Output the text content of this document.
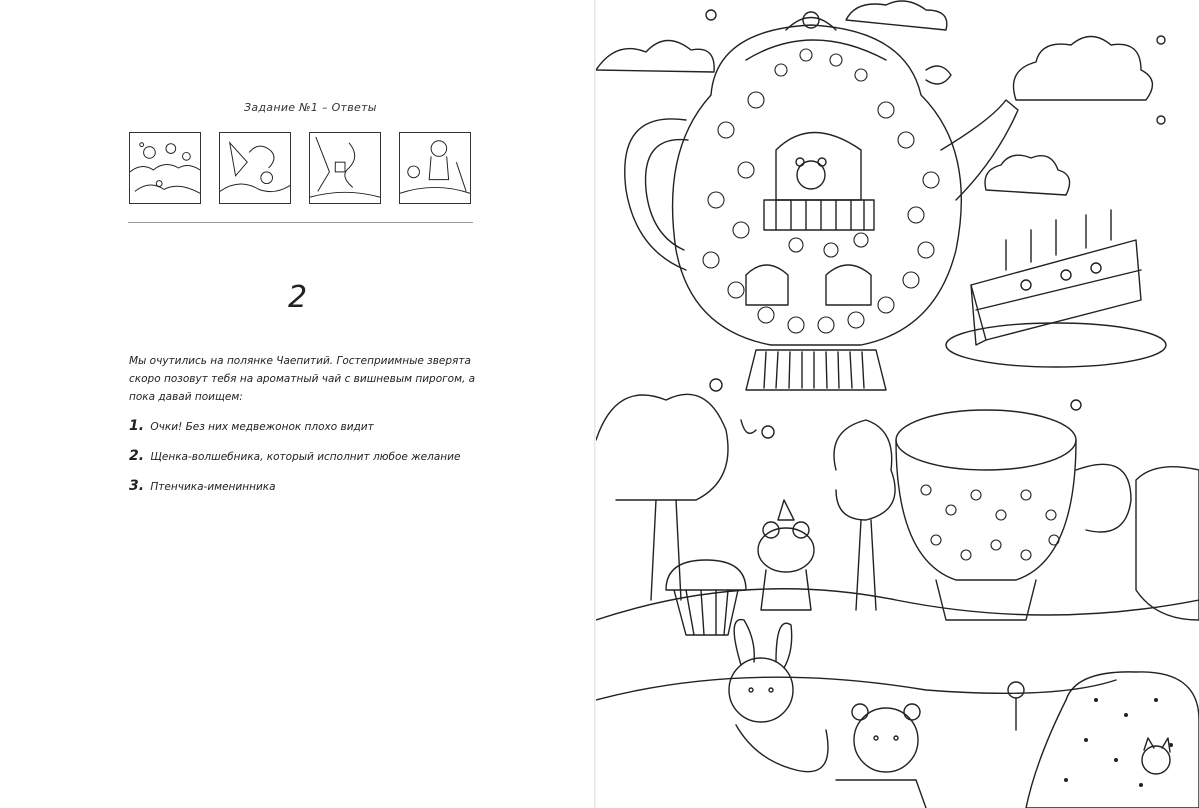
Задание №1 – Ответы
2
Мы очутились на полянке Чаепитий. Гостеприимные зверята скоро позовут тебя на ароматный чай с вишневым пирогом, а пока давай поищем:
1. Очки! Без них медвежонок плохо видит
2. Щенка-волшебника, который исполнит любое желание
3. Птенчика-именинника
